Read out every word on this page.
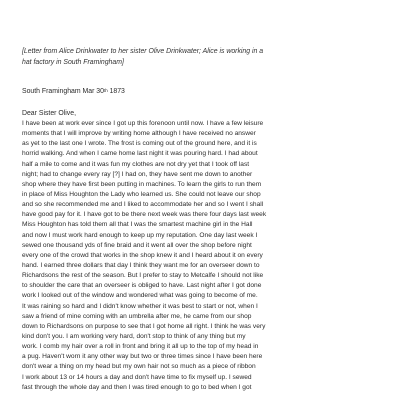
[Letter from Alice Drinkwater to her sister Olive Drinkwater; Alice is working in a
hat factory in South Framingham]
South Framingham Mar 30th 1873
Dear Sister Olive,
I have been at work ever since I got up this forenoon until now. I have a few leisure
moments that I will improve by writing home although I have received no answer
as yet to the last one I wrote. The frost is coming out of the ground here, and it is
horrid walking. And when I came home last night it was pouring hard. I had about
half a mile to come and it was fun my clothes are not dry yet that I took off last
night; had to change every ray [?] I had on, they have sent me down to another
shop where they have first been putting in machines. To learn the girls to run them
in place of Miss Houghton the Lady who learned us. She could not leave our shop
and so she recommended me and I liked to accommodate her and so I went I shall
have good pay for it. I have got to be there next week was there four days last week
Miss Houghton has told them all that I was the smartest machine girl in the Hall
and now I must work hard enough to keep up my reputation. One day last week I
sewed one thousand yds of fine braid and it went all over the shop before night
every one of the crowd that works in the shop knew it and I heard about it on every
hand. I earned three dollars that day I think they want me for an overseer down to
Richardsons the rest of the season. But I prefer to stay to Metcalfe I should not like
to shoulder the care that an overseer is obliged to have. Last night after I got done
work I looked out of the window and wondered what was going to become of me.
It was raining so hard and I didn't know whether it was best to start or not, when I
saw a friend of mine coming with an umbrella after me, he came from our shop
down to Richardsons on purpose to see that I got home all right. I think he was very
kind don't you. I am working very hard, don't stop to think of any thing but my
work. I comb my hair over a roll in front and bring it all up to the top of my head in
a pug. Haven't worn it any other way but two or three times since I have been here
don't wear a thing on my head but my own hair not so much as a piece of ribbon
I work about 13 or 14 hours a day and don't have time to fix myself up. I sewed
fast through the whole day and then I was tired enough to go to bed when I got
